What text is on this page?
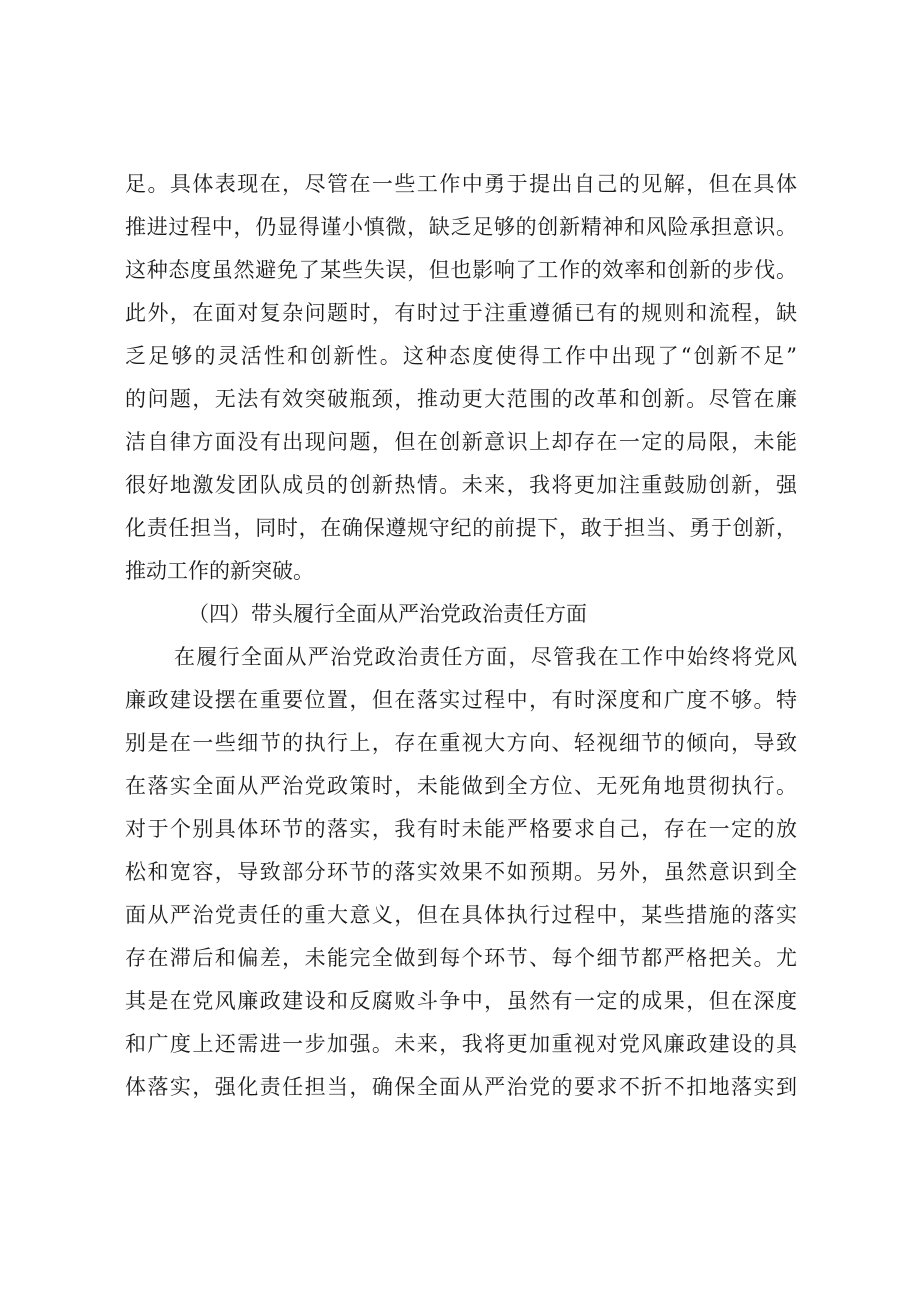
足。具体表现在，尽管在一些工作中勇于提出自己的见解，但在具体
推进过程中，仍显得谨小慎微，缺乏足够的创新精神和风险承担意识。
这种态度虽然避免了某些失误，但也影响了工作的效率和创新的步伐。
此外，在面对复杂问题时，有时过于注重遵循已有的规则和流程，缺
乏足够的灵活性和创新性。这种态度使得工作中出现了“创新不足”
的问题，无法有效突破瓶颈，推动更大范围的改革和创新。尽管在廉
洁自律方面没有出现问题，但在创新意识上却存在一定的局限，未能
很好地激发团队成员的创新热情。未来，我将更加注重鼓励创新，强
化责任担当，同时，在确保遵规守纪的前提下，敢于担当、勇于创新，
推动工作的新突破。
（四）带头履行全面从严治党政治责任方面
在履行全面从严治党政治责任方面，尽管我在工作中始终将党风
廉政建设摆在重要位置，但在落实过程中，有时深度和广度不够。特
别是在一些细节的执行上，存在重视大方向、轻视细节的倾向，导致
在落实全面从严治党政策时，未能做到全方位、无死角地贯彻执行。
对于个别具体环节的落实，我有时未能严格要求自己，存在一定的放
松和宽容，导致部分环节的落实效果不如预期。另外，虽然意识到全
面从严治党责任的重大意义，但在具体执行过程中，某些措施的落实
存在滞后和偏差，未能完全做到每个环节、每个细节都严格把关。尤
其是在党风廉政建设和反腐败斗争中，虽然有一定的成果，但在深度
和广度上还需进一步加强。未来，我将更加重视对党风廉政建设的具
体落实，强化责任担当，确保全面从严治党的要求不折不扣地落实到
